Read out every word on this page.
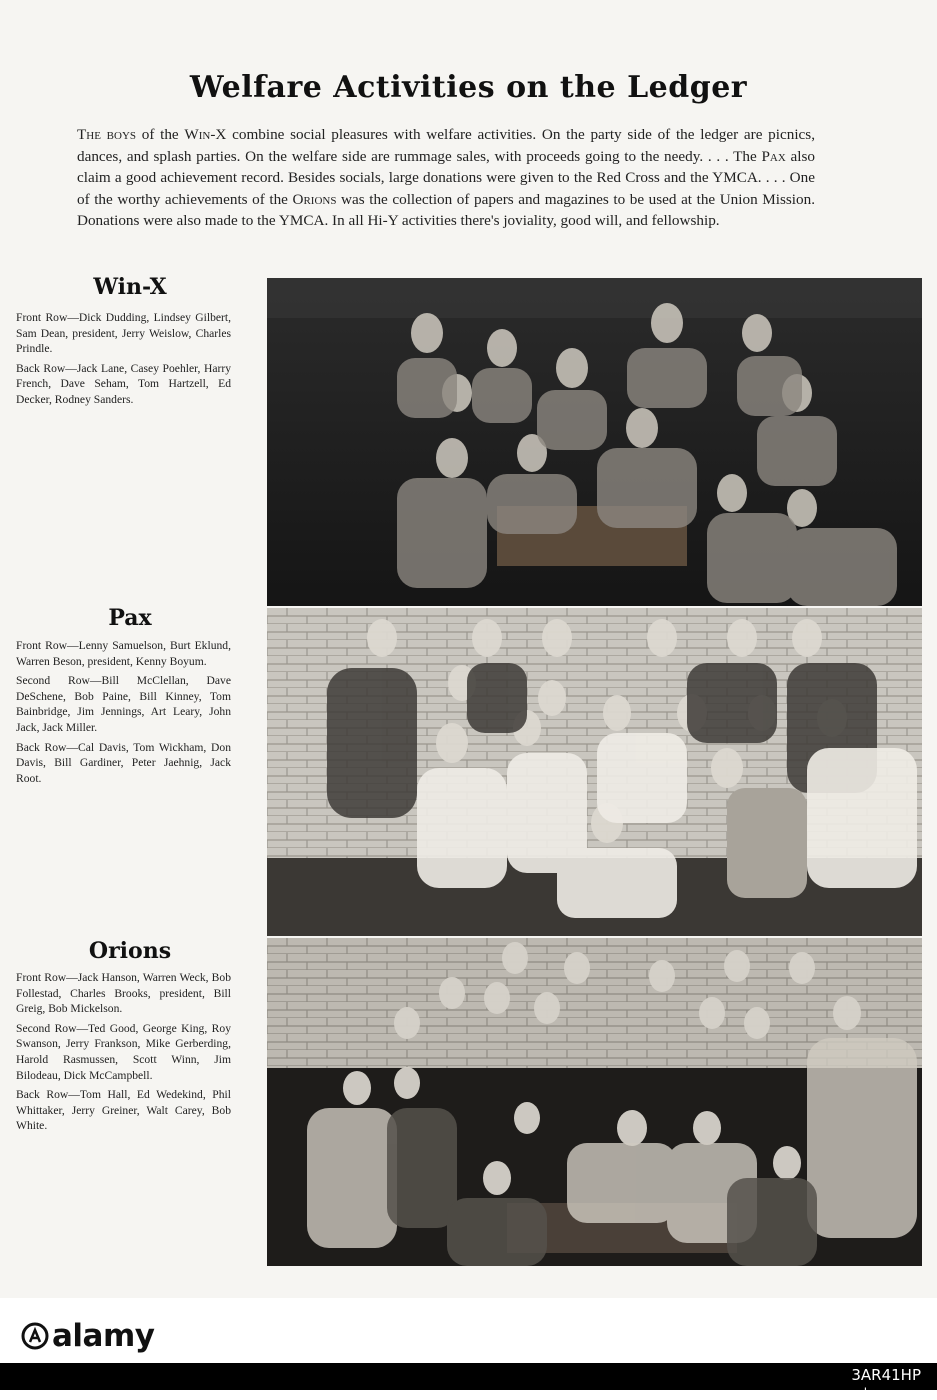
Welfare Activities on the Ledger

The boys of the Win-X combine social pleasures with welfare activities. On the party side of the ledger are picnics, dances, and splash parties. On the welfare side are rummage sales, with proceeds going to the needy. . . . The Pax also claim a good achievement record. Besides socials, large donations were given to the Red Cross and the YMCA. . . . One of the worthy achievements of the Orions was the collection of papers and magazines to be used at the Union Mission. Donations were also made to the YMCA. In all Hi-Y activities there's joviality, good will, and fellowship.

Win-X

Front Row—Dick Dudding, Lindsey Gilbert, Sam Dean, president, Jerry Weislow, Charles Prindle.

Back Row—Jack Lane, Casey Poehler, Harry French, Dave Seham, Tom Hartzell, Ed Decker, Rodney Sanders.

Pax

Front Row—Lenny Samuelson, Burt Eklund, Warren Beson, president, Kenny Boyum.

Second Row—Bill McClellan, Dave DeSchene, Bob Paine, Bill Kinney, Tom Bainbridge, Jim Jennings, Art Leary, John Jack, Jack Miller.

Back Row—Cal Davis, Tom Wickham, Don Davis, Bill Gardiner, Peter Jaehnig, Jack Root.

Orions

Front Row—Jack Hanson, Warren Weck, Bob Follestad, Charles Brooks, president, Bill Greig, Bob Mickelson.

Second Row—Ted Good, George King, Roy Swanson, Jerry Frankson, Mike Gerberding, Harold Rasmussen, Scott Winn, Jim Bilodeau, Dick McCampbell.

Back Row—Tom Hall, Ed Wedekind, Phil Whittaker, Jerry Greiner, Walt Carey, Bob White.

alamy
3AR41HP
www.alamy.com
